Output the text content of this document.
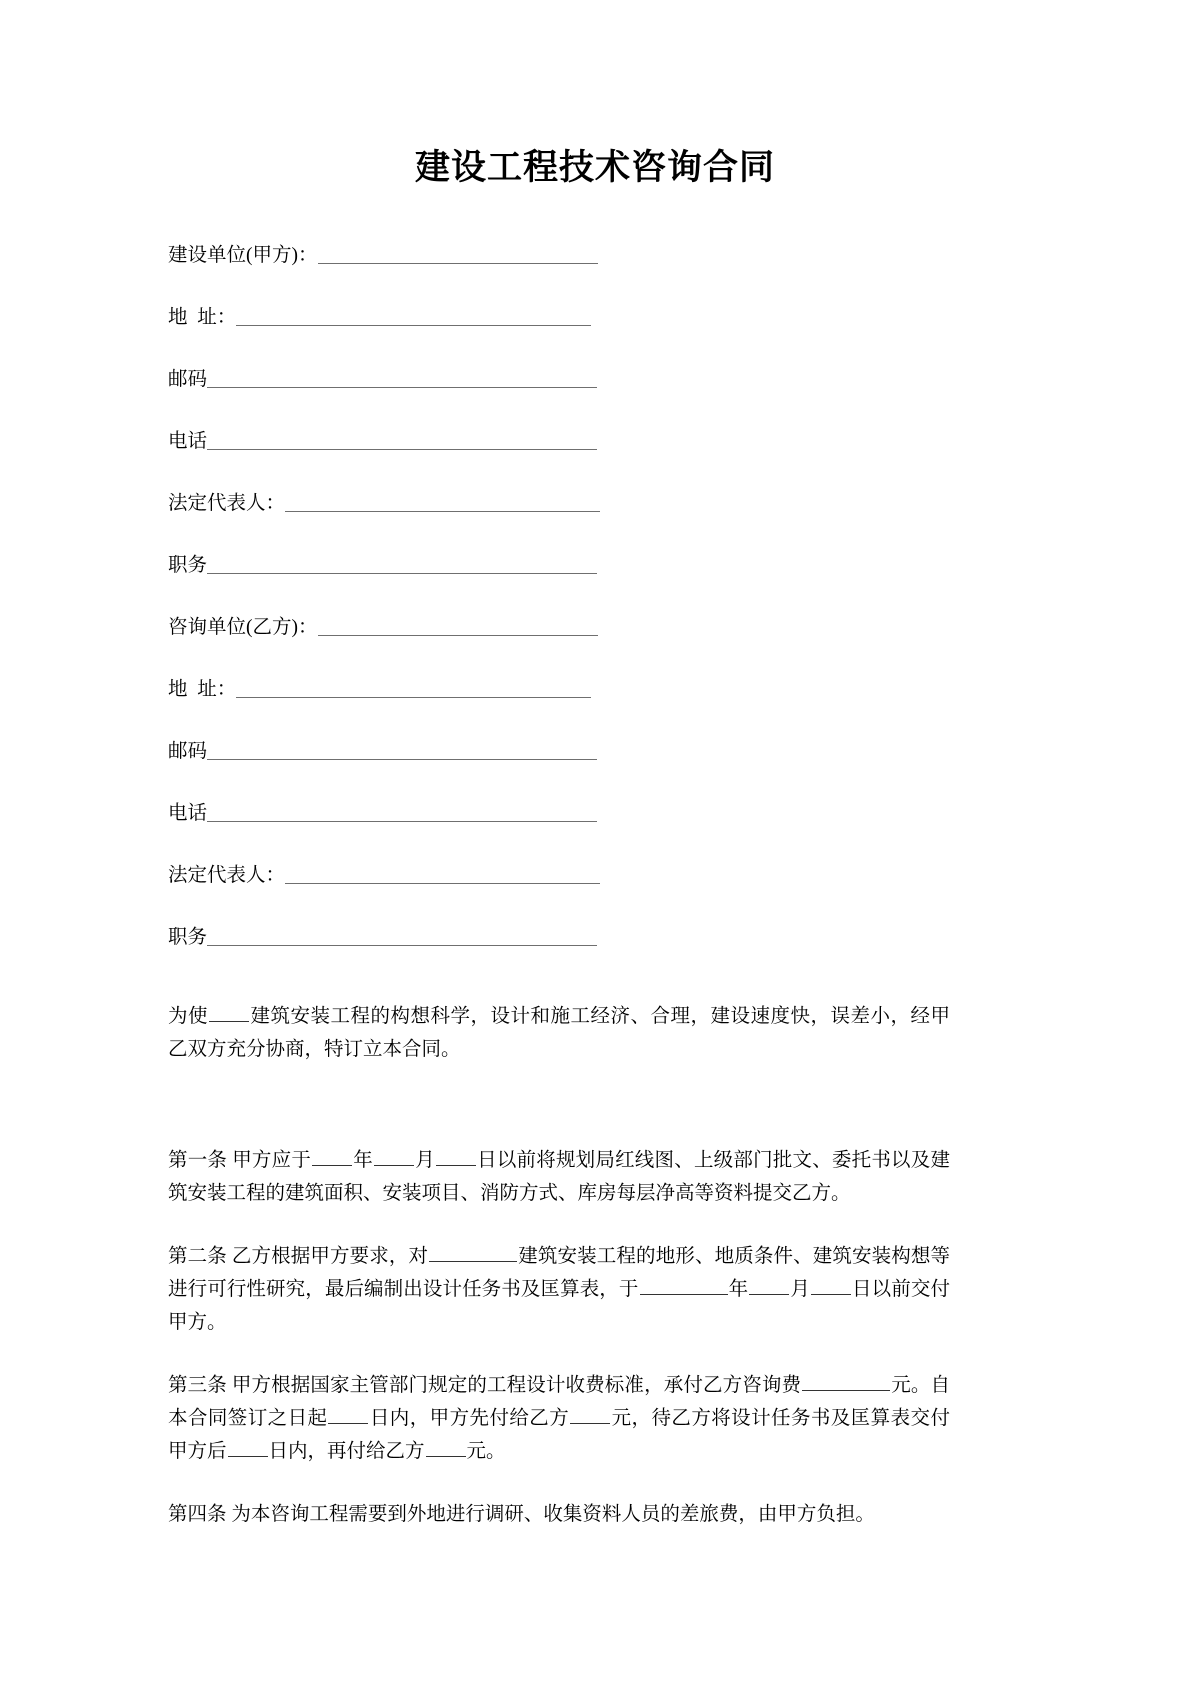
建设工程技术咨询合同
建设单位(甲方)：
地  址：
邮码
电话
法定代表人：
职务
咨询单位(乙方)：
地  址：
邮码
电话
法定代表人：
职务

为使 建筑安装工程的构想科学，设计和施工经济、合理，建设速度快，误差小，经甲乙双方充分协商，特订立本合同。

第一条 甲方应于 年 月 日以前将规划局红线图、上级部门批文、委托书以及建筑安装工程的建筑面积、安装项目、消防方式、库房每层净高等资料提交乙方。

第二条 乙方根据甲方要求，对	建筑安装工程的地形、地质条件、建筑安装构想等进行可行性研究，最后编制出设计任务书及匡算表，于	年 月 日以前交付甲方。

第三条 甲方根据国家主管部门规定的工程设计收费标准，承付乙方咨询费	元。自本合同签订之日起 日内，甲方先付给乙方 元，待乙方将设计任务书及匡算表交付甲方后 日内，再付给乙方 元。

第四条 为本咨询工程需要到外地进行调研、收集资料人员的差旅费，由甲方负担。
